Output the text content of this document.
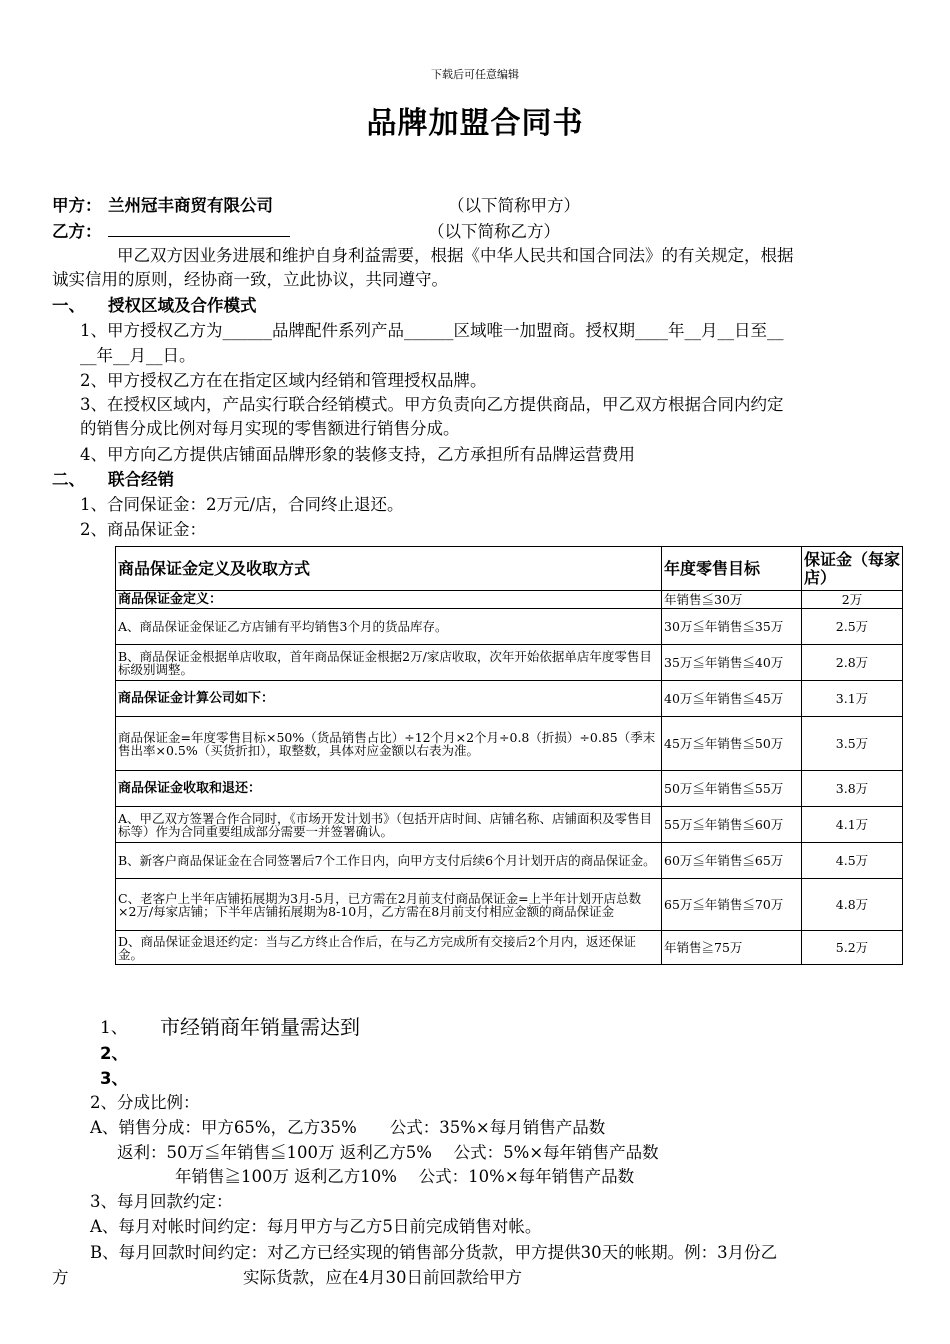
下载后可任意编辑
品牌加盟合同书
甲方： 兰州冠丰商贸有限公司	（以下简称甲方）
乙方：	（以下简称乙方）
甲乙双方因业务进展和维护自身利益需要，根据《中华人民共和国合同法》的有关规定，根据
诚实信用的原则，经协商一致，立此协议，共同遵守。
一、 授权区域及合作模式
1、甲方授权乙方为______品牌配件系列产品______区域唯一加盟商。授权期____年__月__日至__
__年__月__日。
2、甲方授权乙方在在指定区域内经销和管理授权品牌。
3、在授权区域内，产品实行联合经销模式。甲方负责向乙方提供商品，甲乙双方根据合同内约定
的销售分成比例对每月实现的零售额进行销售分成。
4、甲方向乙方提供店铺面品牌形象的装修支持，乙方承担所有品牌运营费用
二、 联合经销
1、合同保证金：2万元/店，合同终止退还。
2、商品保证金：
商品保证金定义及收取方式	年度零售目标	保证金（每家店）
商品保证金定义：	年销售≦30万	2万
A、商品保证金保证乙方店铺有平均销售3个月的货品库存。	30万≦年销售≦35万	2.5万
B、商品保证金根据单店收取，首年商品保证金根据2万/家店收取，次年开始依据单店年度零售目标级别调整。	35万≦年销售≦40万	2.8万
商品保证金计算公司如下：	40万≦年销售≦45万	3.1万
商品保证金=年度零售目标×50%（货品销售占比）÷12个月×2个月÷0.8（折损）÷0.85（季末售出率×0.5%（买货折扣），取整数，具体对应金额以右表为准。	45万≦年销售≦50万	3.5万
商品保证金收取和退还：	50万≦年销售≦55万	3.8万
A、甲乙双方签署合作合同时，《市场开发计划书》（包括开店时间、店铺名称、店铺面积及零售目标等）作为合同重要组成部分需要一并签署确认。	55万≦年销售≦60万	4.1万
B、新客户商品保证金在合同签署后7个工作日内，向甲方支付后续6个月计划开店的商品保证金。	60万≦年销售≦65万	4.5万
C、老客户上半年店铺拓展期为3月-5月，已方需在2月前支付商品保证金=上半年计划开店总数×2万/每家店铺；下半年店铺拓展期为8-10月，乙方需在8月前支付相应金额的商品保证金	65万≦年销售≦70万	4.8万
D、商品保证金退还约定：当与乙方终止合作后，在与乙方完成所有交接后2个月内，返还保证金。	年销售≧75万	5.2万
1、 市经销商年销量需达到
2、
3、
2、分成比例：
A、销售分成：甲方65%，乙方35%　　公式：35%×每月销售产品数
返利：50万≦年销售≦100万 返利乙方5%　 公式：5%×每年销售产品数
年销售≧100万 返利乙方10%　 公式：10%×每年销售产品数
3、每月回款约定：
A、每月对帐时间约定：每月甲方与乙方5日前完成销售对帐。
B、每月回款时间约定：对乙方已经实现的销售部分货款，甲方提供30天的帐期。例：3月份乙
方	实际货款，应在4月30日前回款给甲方
